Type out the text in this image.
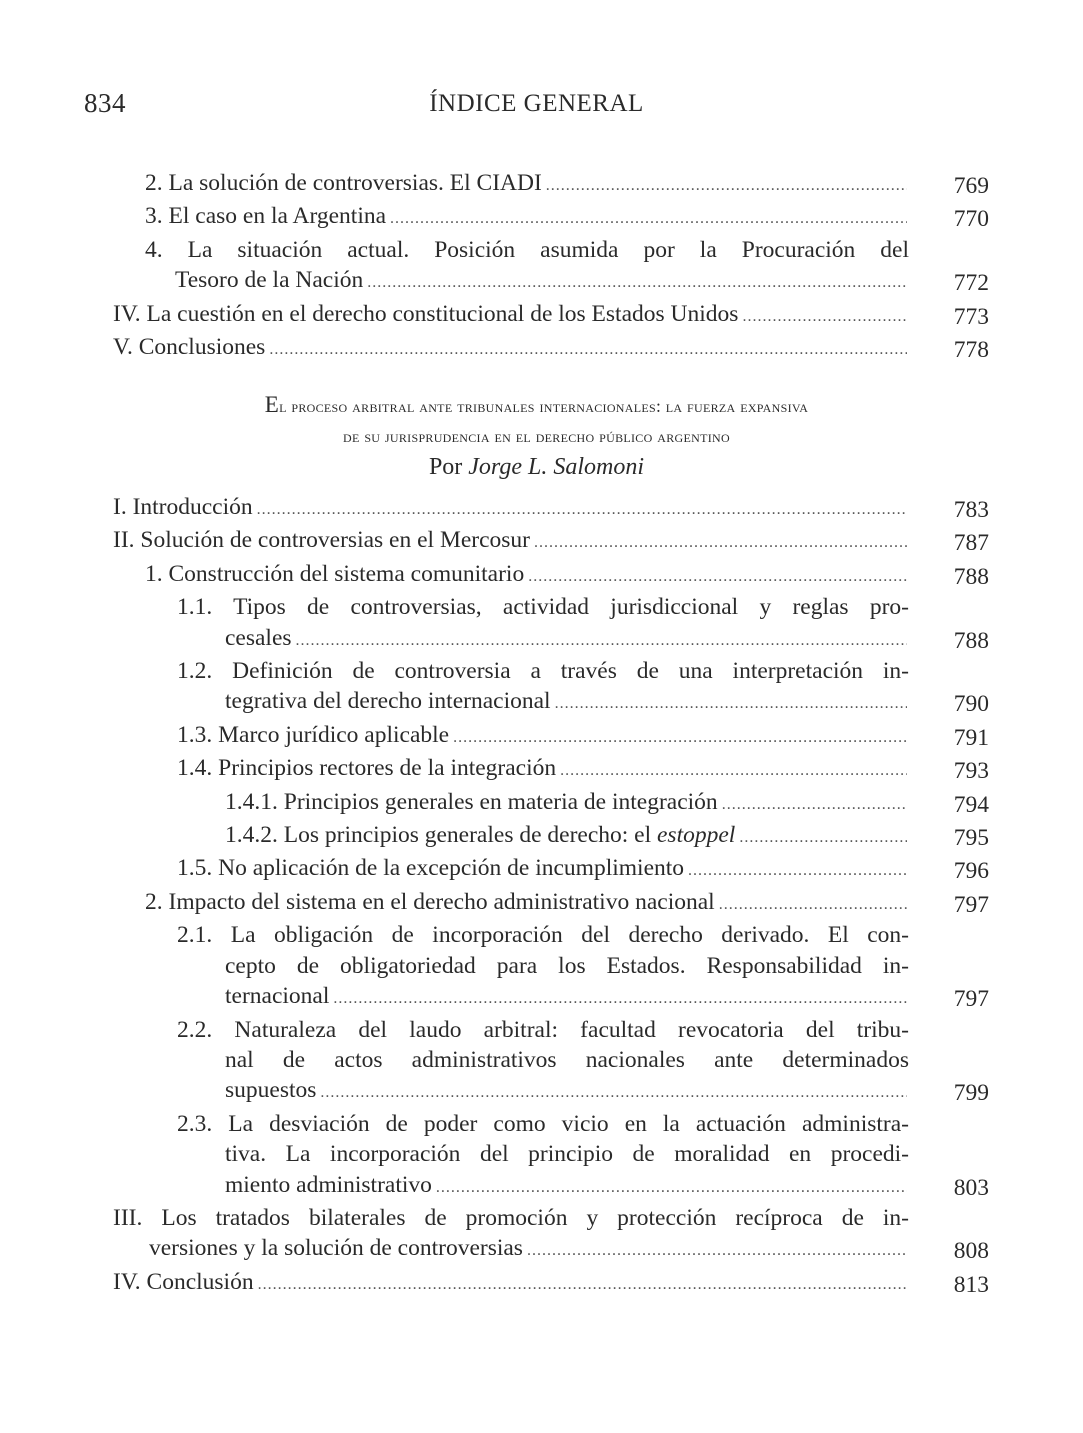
834	ÍNDICE GENERAL
2. La solución de controversias. El CIADI .....	769
3. El caso en la Argentina .....	770
4. La situación actual. Posición asumida por la Procuración del
Tesoro de la Nación .....	772
IV. La cuestión en el derecho constitucional de los Estados Unidos .....	773
V. Conclusiones .....	778
El proceso arbitral ante tribunales internacionales: la fuerza expansiva
de su jurisprudencia en el derecho público argentino
Por Jorge L. Salomoni
I. Introducción .....	783
II. Solución de controversias en el Mercosur .....	787
1. Construcción del sistema comunitario .....	788
1.1. Tipos de controversias, actividad jurisdiccional y reglas pro-
cesales .....	788
1.2. Definición de controversia a través de una interpretación in-
tegrativa del derecho internacional .....	790
1.3. Marco jurídico aplicable .....	791
1.4. Principios rectores de la integración .....	793
1.4.1. Principios generales en materia de integración .....	794
1.4.2. Los principios generales de derecho: el estoppel .....	795
1.5. No aplicación de la excepción de incumplimiento .....	796
2. Impacto del sistema en el derecho administrativo nacional .....	797
2.1. La obligación de incorporación del derecho derivado. El con-
cepto de obligatoriedad para los Estados. Responsabilidad in-
ternacional .....	797
2.2. Naturaleza del laudo arbitral: facultad revocatoria del tribu-
nal de actos administrativos nacionales ante determinados
supuestos .....	799
2.3. La desviación de poder como vicio en la actuación administra-
tiva. La incorporación del principio de moralidad en procedi-
miento administrativo .....	803
III. Los tratados bilaterales de promoción y protección recíproca de in-
versiones y la solución de controversias .....	808
IV. Conclusión .....	813
